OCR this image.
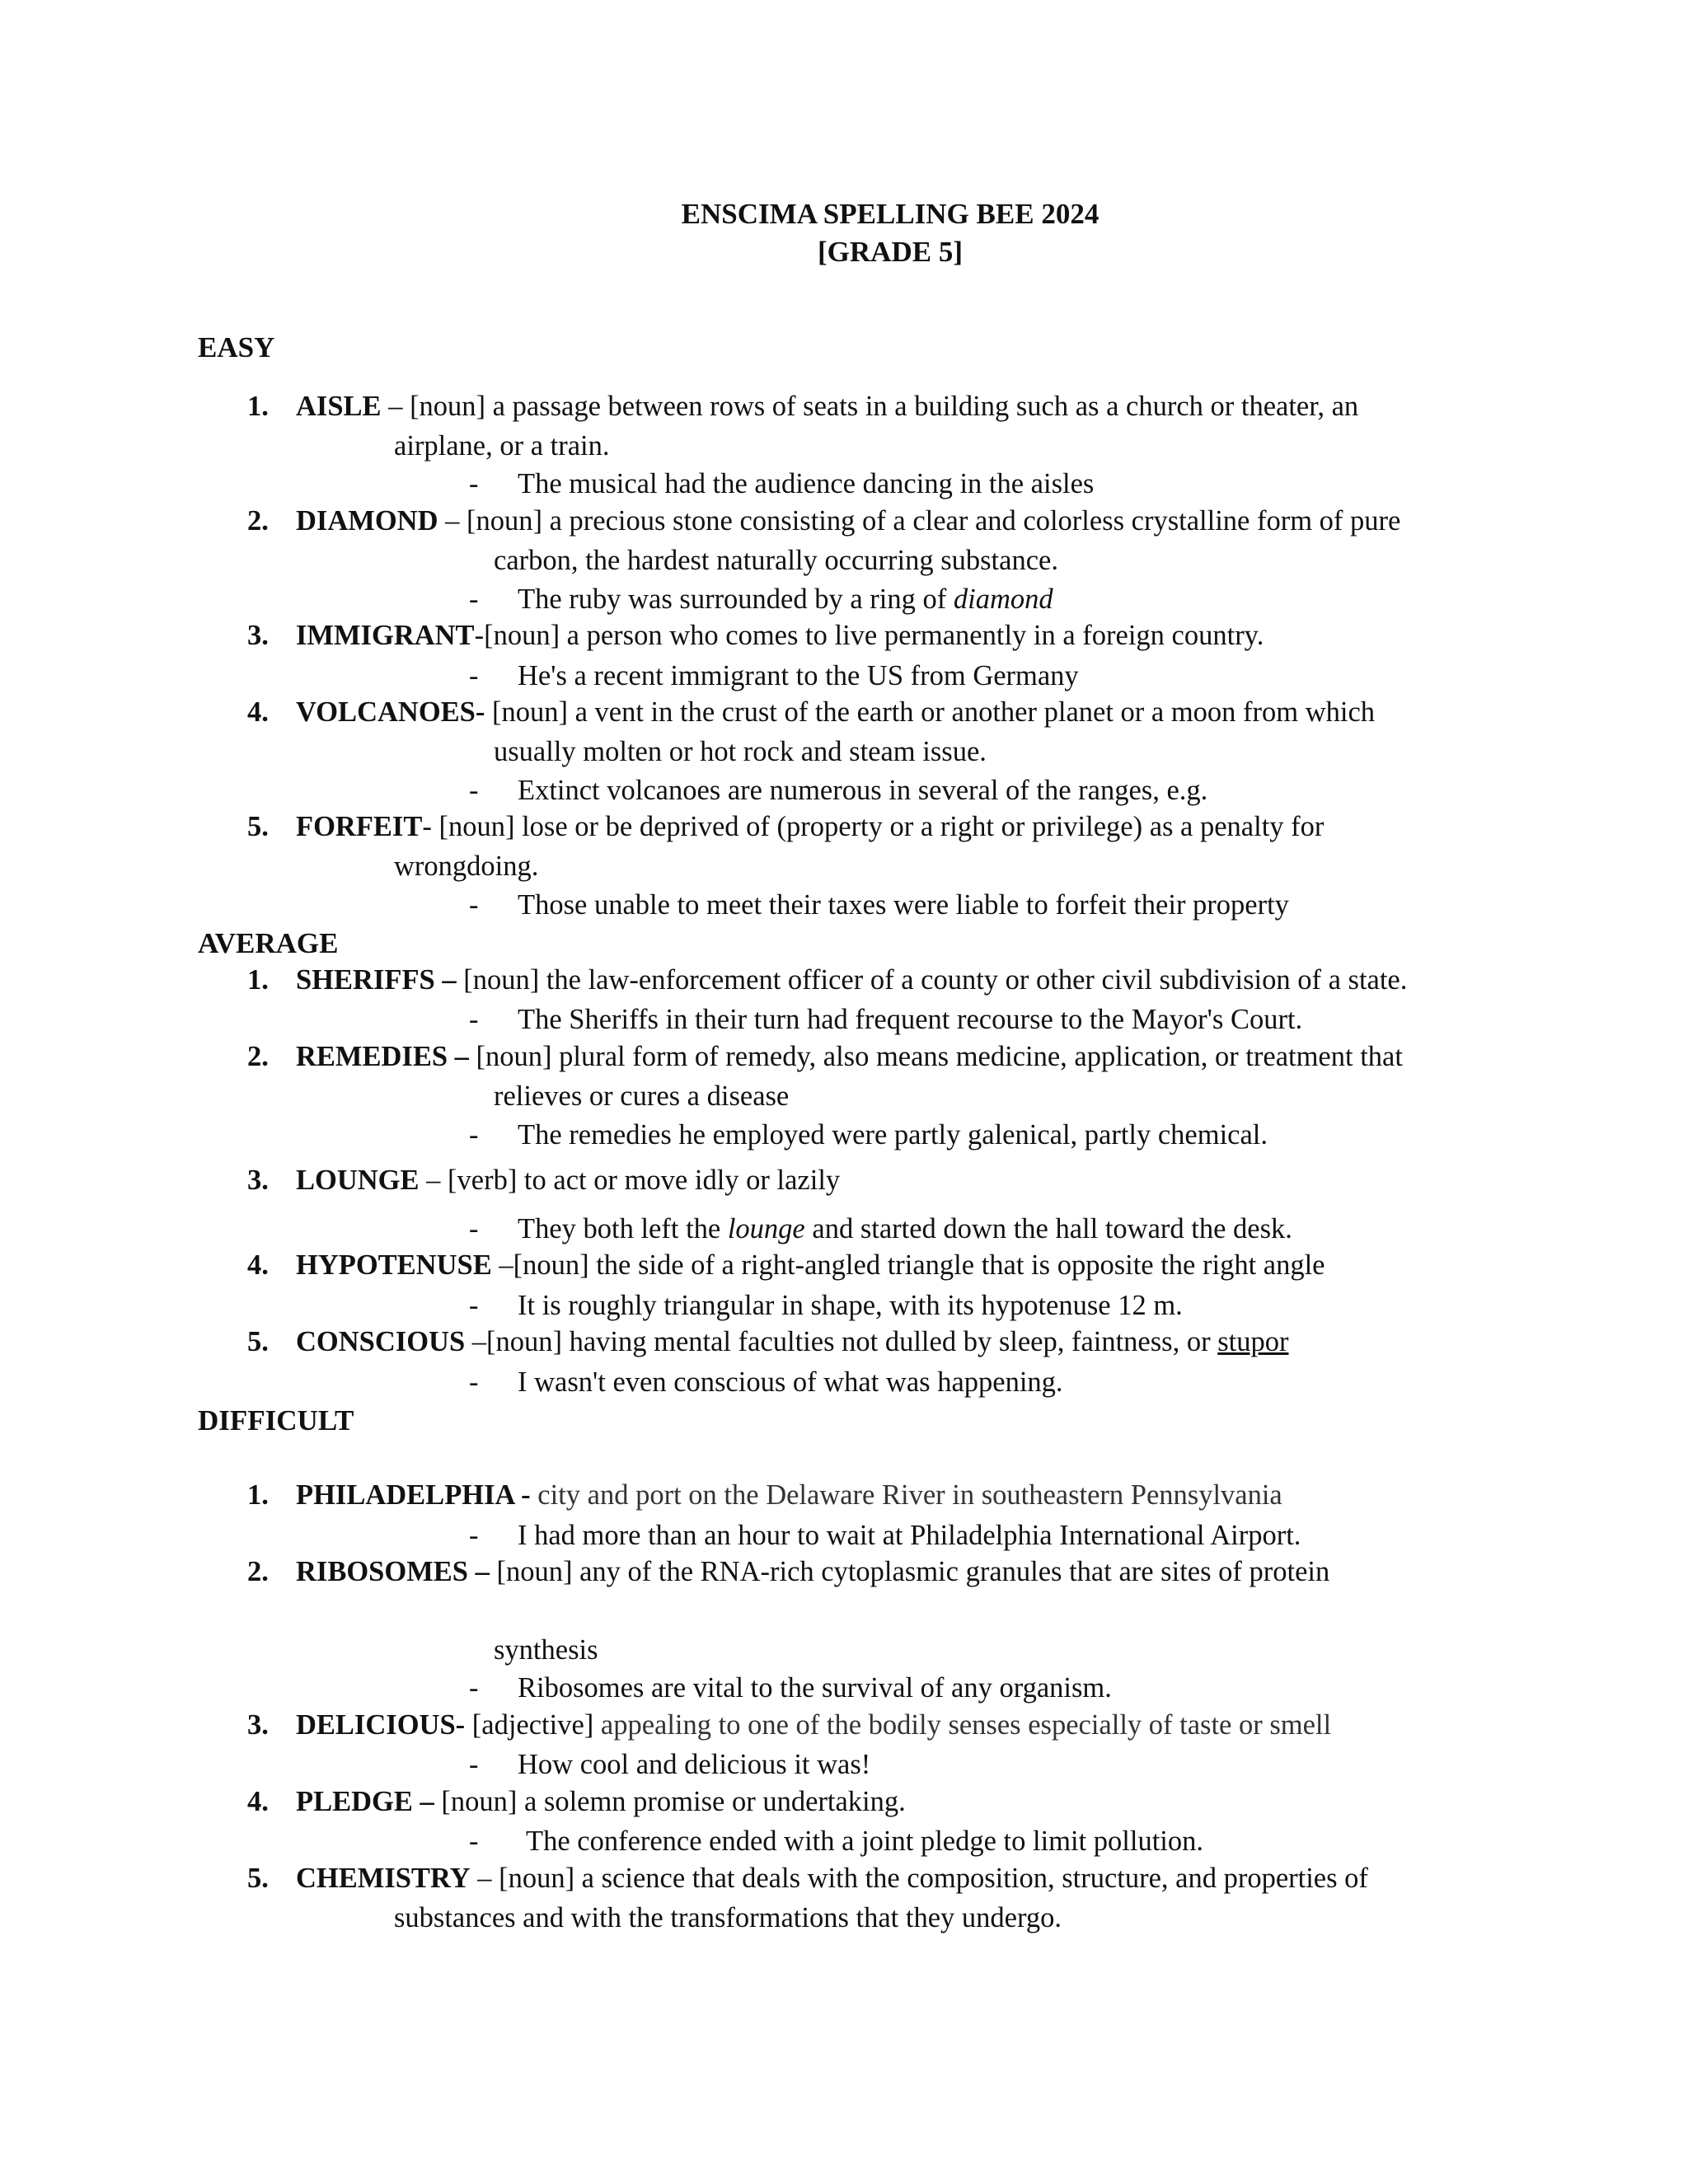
ENSCIMA SPELLING BEE 2024
[GRADE 5]
EASY
1. AISLE – [noun] a passage between rows of seats in a building such as a church or theater, an
airplane, or a train.
- The musical had the audience dancing in the aisles
2. DIAMOND – [noun] a precious stone consisting of a clear and colorless crystalline form of pure
carbon, the hardest naturally occurring substance.
- The ruby was surrounded by a ring of diamond
3. IMMIGRANT-[noun] a person who comes to live permanently in a foreign country.
- He's a recent immigrant to the US from Germany
4. VOLCANOES- [noun] a vent in the crust of the earth or another planet or a moon from which
usually molten or hot rock and steam issue.
- Extinct volcanoes are numerous in several of the ranges, e.g.
5. FORFEIT- [noun] lose or be deprived of (property or a right or privilege) as a penalty for
wrongdoing.
- Those unable to meet their taxes were liable to forfeit their property
AVERAGE
1. SHERIFFS – [noun] the law-enforcement officer of a county or other civil subdivision of a state.
- The Sheriffs in their turn had frequent recourse to the Mayor's Court.
2. REMEDIES – [noun] plural form of remedy, also means medicine, application, or treatment that
relieves or cures a disease
- The remedies he employed were partly galenical, partly chemical.
3. LOUNGE – [verb] to act or move idly or lazily
- They both left the lounge and started down the hall toward the desk.
4. HYPOTENUSE –[noun] the side of a right-angled triangle that is opposite the right angle
- It is roughly triangular in shape, with its hypotenuse 12 m.
5. CONSCIOUS –[noun] having mental faculties not dulled by sleep, faintness, or stupor
- I wasn't even conscious of what was happening.
DIFFICULT
1. PHILADELPHIA - city and port on the Delaware River in southeastern Pennsylvania
- I had more than an hour to wait at Philadelphia International Airport.
2. RIBOSOMES – [noun] any of the RNA-rich cytoplasmic granules that are sites of protein
synthesis
- Ribosomes are vital to the survival of any organism.
3. DELICIOUS- [adjective] appealing to one of the bodily senses especially of taste or smell
- How cool and delicious it was!
4. PLEDGE – [noun] a solemn promise or undertaking.
- The conference ended with a joint pledge to limit pollution.
5. CHEMISTRY – [noun] a science that deals with the composition, structure, and properties of
substances and with the transformations that they undergo.
